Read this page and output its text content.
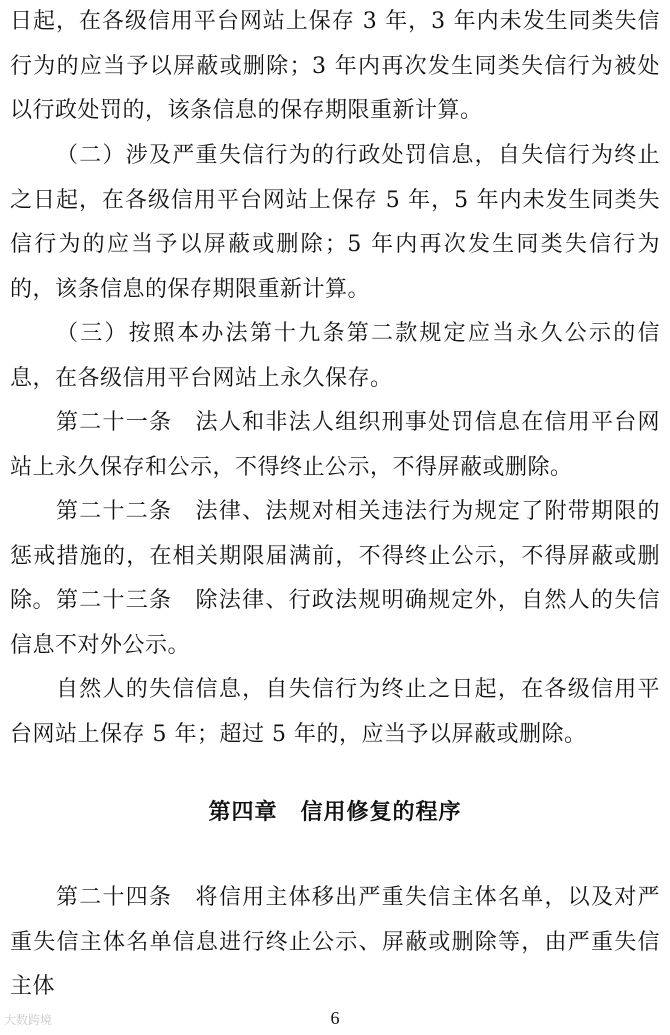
日起，在各级信用平台网站上保存 3 年，3 年内未发生同类失信行为的应当予以屏蔽或删除；3 年内再次发生同类失信行为被处以行政处罚的，该条信息的保存期限重新计算。

（二）涉及严重失信行为的行政处罚信息，自失信行为终止之日起，在各级信用平台网站上保存 5 年，5 年内未发生同类失信行为的应当予以屏蔽或删除；5 年内再次发生同类失信行为的，该条信息的保存期限重新计算。

（三）按照本办法第十九条第二款规定应当永久公示的信息，在各级信用平台网站上永久保存。

第二十一条　法人和非法人组织刑事处罚信息在信用平台网站上永久保存和公示，不得终止公示，不得屏蔽或删除。

第二十二条　法律、法规对相关违法行为规定了附带期限的惩戒措施的，在相关期限届满前，不得终止公示，不得屏蔽或删除。 第二十三条　除法律、行政法规明确规定外，自然人的失信信息不对外公示。

自然人的失信信息，自失信行为终止之日起，在各级信用平台网站上保存 5 年；超过 5 年的，应当予以屏蔽或删除。

第四章　信用修复的程序

第二十四条　将信用主体移出严重失信主体名单，以及对严重失信主体名单信息进行终止公示、屏蔽或删除等，由严重失信主体

大数跨境	6
